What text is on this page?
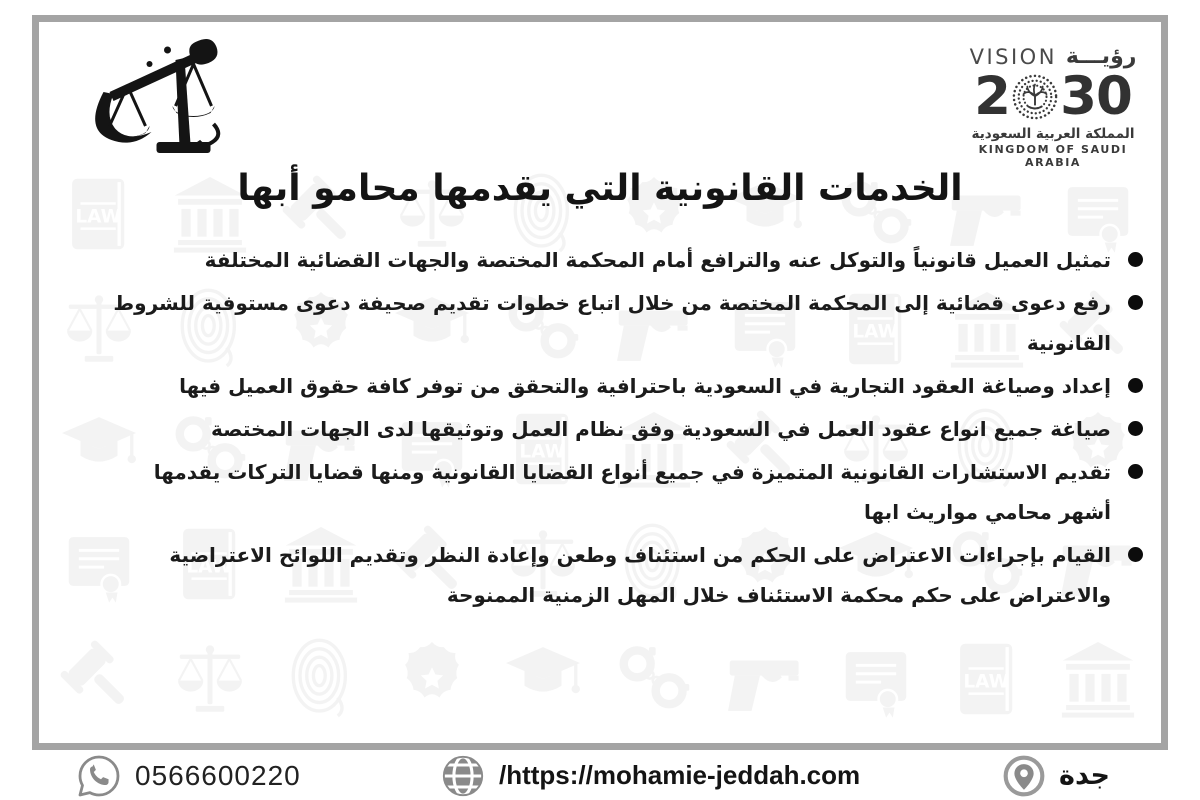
VISION رؤيـــة
2 30
المملكة العربية السعودية
KINGDOM OF SAUDI ARABIA
الخدمات القانونية التي يقدمها محامو أبها
تمثيل العميل قانونياً والتوكل عنه والترافع أمام المحكمة المختصة والجهات القضائية المختلفة
رفع دعوى قضائية إلى المحكمة المختصة من خلال اتباع خطوات تقديم صحيفة دعوى مستوفية للشروط القانونية
إعداد وصياغة العقود التجارية في السعودية باحترافية والتحقق من توفر كافة حقوق العميل فيها
صياغة جميع انواع عقود العمل في السعودية وفق نظام العمل وتوثيقها لدى الجهات المختصة
تقديم الاستشارات القانونية المتميزة في جميع أنواع القضايا القانونية ومنها قضايا التركات يقدمها أشهر محامي مواريث ابها
القيام بإجراءات الاعتراض على الحكم من استئناف وطعن وإعادة النظر وتقديم اللوائح الاعتراضية والاعتراض على حكم محكمة الاستئناف خلال المهل الزمنية الممنوحة
0566600220	/https://mohamie-jeddah.com	جدة
